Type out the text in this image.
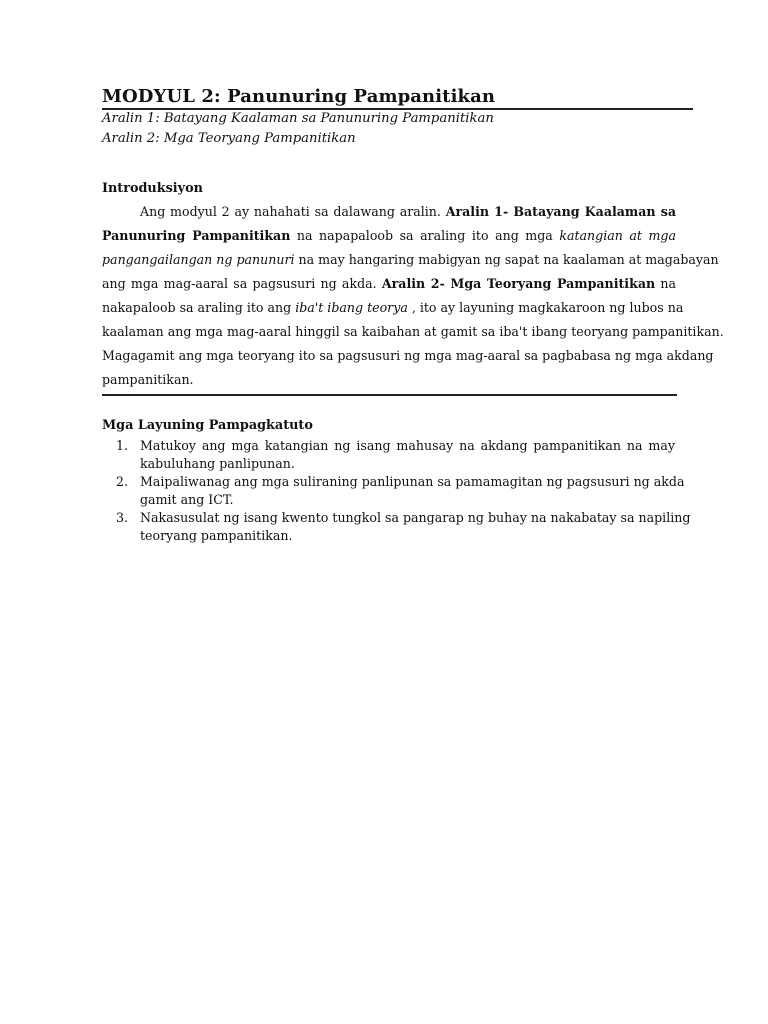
MODYUL 2: Panunuring Pampanitikan
Aralin 1: Batayang Kaalaman sa Panunuring Pampanitikan
Aralin 2: Mga Teoryang Pampanitikan
Introduksiyon
Ang modyul 2 ay nahahati sa dalawang aralin. Aralin 1- Batayang Kaalaman sa
Panunuring Pampanitikan na napapaloob sa araling ito ang mga katangian at mga
pangangailangan ng panunuri na may hangaring mabigyan ng sapat na kaalaman at magabayan
ang mga mag-aaral sa pagsusuri ng akda. Aralin 2- Mga Teoryang Pampanitikan na
nakapaloob sa araling ito ang iba't ibang teorya , ito ay layuning magkakaroon ng lubos na
kaalaman ang mga mag-aaral hinggil sa kaibahan at gamit sa iba't ibang teoryang pampanitikan.
Magagamit ang mga teoryang ito sa pagsusuri ng mga mag-aaral sa pagbabasa ng mga akdang
pampanitikan.
Mga Layuning Pampagkatuto
1. Matukoy ang mga katangian ng isang mahusay na akdang pampanitikan na may
kabuluhang panlipunan.
2. Maipaliwanag ang mga suliraning panlipunan sa pamamagitan ng pagsusuri ng akda
gamit ang ICT.
3. Nakasusulat ng isang kwento tungkol sa pangarap ng buhay na nakabatay sa napiling
teoryang pampanitikan.
